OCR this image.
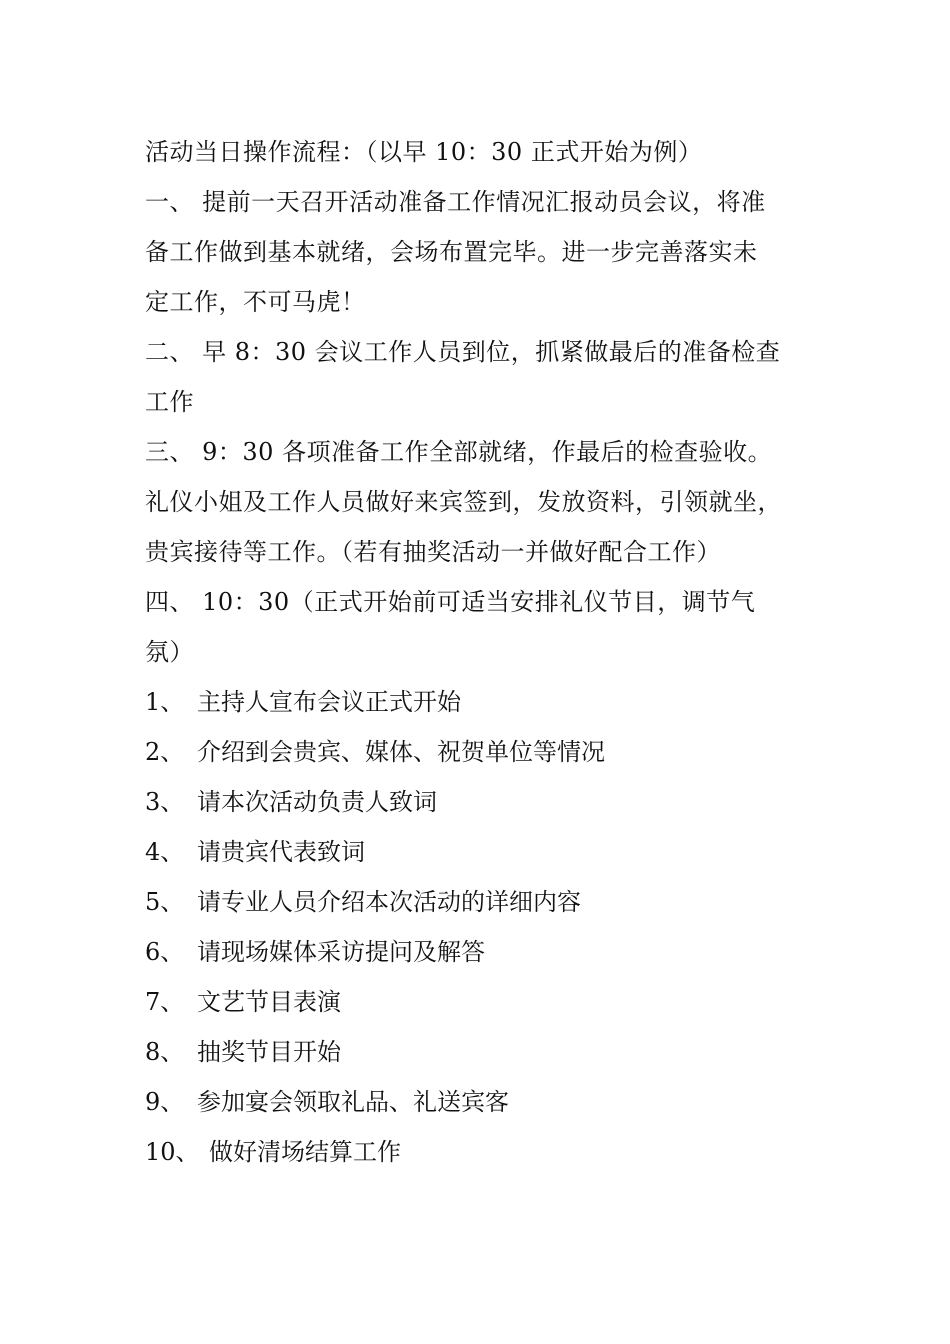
活动当日操作流程：（以早 10：30 正式开始为例）
一、 提前一天召开活动准备工作情况汇报动员会议，将准
备工作做到基本就绪，会场布置完毕。进一步完善落实未
定工作，不可马虎！
二、 早 8：30 会议工作人员到位，抓紧做最后的准备检查
工作
三、 9：30 各项准备工作全部就绪，作最后的检查验收。
礼仪小姐及工作人员做好来宾签到，发放资料，引领就坐，
贵宾接待等工作。（若有抽奖活动一并做好配合工作）
四、 10：30（正式开始前可适当安排礼仪节目，调节气
氛）
1、 主持人宣布会议正式开始
2、 介绍到会贵宾、媒体、祝贺单位等情况
3、 请本次活动负责人致词
4、 请贵宾代表致词
5、 请专业人员介绍本次活动的详细内容
6、 请现场媒体采访提问及解答
7、 文艺节目表演
8、 抽奖节目开始
9、 参加宴会领取礼品、礼送宾客
10、 做好清场结算工作
